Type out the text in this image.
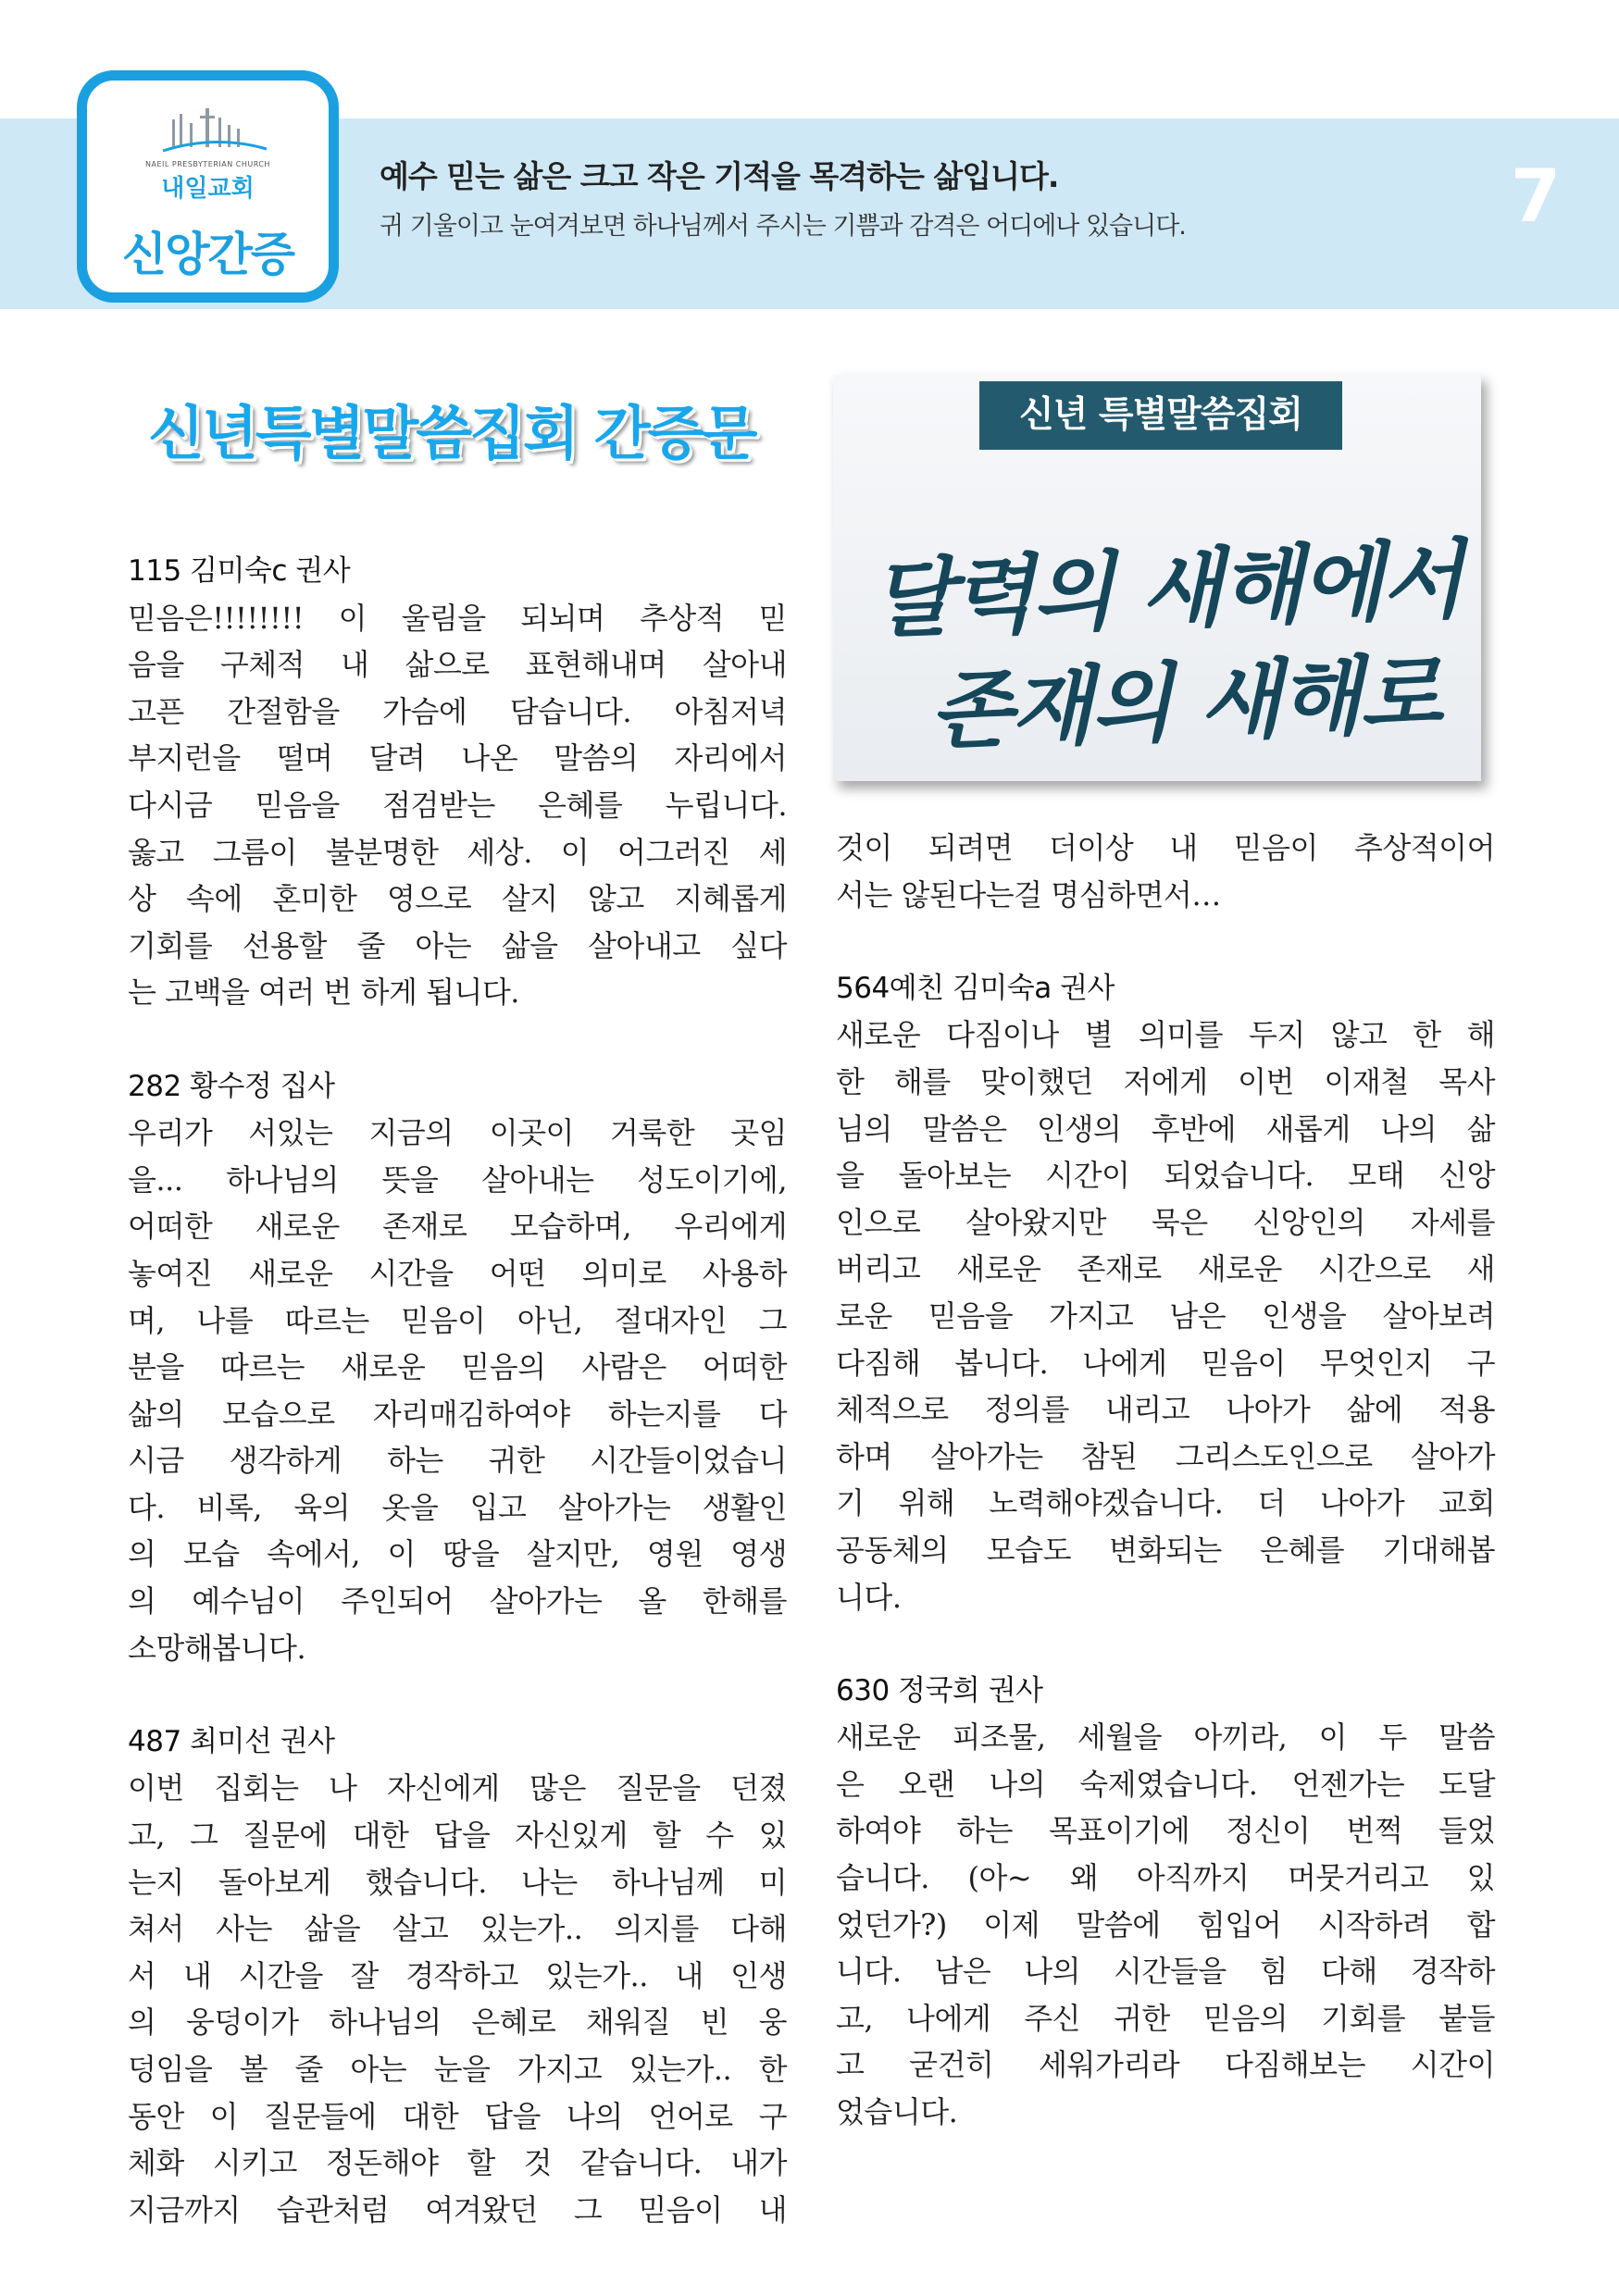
NAEIL PRESBYTERIAN CHURCH
내일교회
신앙간증
예수 믿는 삶은 크고 작은 기적을 목격하는 삶입니다.
귀 기울이고 눈여겨보면 하나님께서 주시는 기쁨과 감격은 어디에나 있습니다.	7
신년특별말씀집회 간증문	신년 특별말씀집회
달력의 새해에서
존재의 새해로
115 김미숙c 권사
믿음은!!!!!!!! 이 울림을 되뇌며 추상적 믿
음을 구체적 내 삶으로 표현해내며 살아내
고픈 간절함을 가슴에 담습니다. 아침저녁
부지런을 떨며 달려 나온 말씀의 자리에서
다시금 믿음을 점검받는 은혜를 누립니다.
옳고 그름이 불분명한 세상. 이 어그러진 세
상 속에 혼미한 영으로 살지 않고 지혜롭게
기회를 선용할 줄 아는 삶을 살아내고 싶다
는 고백을 여러 번 하게 됩니다.
282 황수정 집사
우리가 서있는 지금의 이곳이 거룩한 곳임
을... 하나님의 뜻을 살아내는 성도이기에,
어떠한 새로운 존재로 모습하며, 우리에게
놓여진 새로운 시간을 어떤 의미로 사용하
며, 나를 따르는 믿음이 아닌, 절대자인 그
분을 따르는 새로운 믿음의 사람은 어떠한
삶의 모습으로 자리매김하여야 하는지를 다
시금 생각하게 하는 귀한 시간들이었습니
다. 비록, 육의 옷을 입고 살아가는 생활인
의 모습 속에서, 이 땅을 살지만, 영원 영생
의 예수님이 주인되어 살아가는 올 한해를
소망해봅니다.
487 최미선 권사
이번 집회는 나 자신에게 많은 질문을 던졌
고, 그 질문에 대한 답을 자신있게 할 수 있
는지 돌아보게 했습니다. 나는 하나님께 미
쳐서 사는 삶을 살고 있는가.. 의지를 다해
서 내 시간을 잘 경작하고 있는가.. 내 인생
의 웅덩이가 하나님의 은혜로 채워질 빈 웅
덩임을 볼 줄 아는 눈을 가지고 있는가.. 한
동안 이 질문들에 대한 답을 나의 언어로 구
체화 시키고 정돈해야 할 것 같습니다. 내가
지금까지 습관처럼 여겨왔던 그 믿음이 내
것이 되려면 더이상 내 믿음이 추상적이어
서는 않된다는걸 명심하면서…
564예친 김미숙a 권사
새로운 다짐이나 별 의미를 두지 않고 한 해
한 해를 맞이했던 저에게 이번 이재철 목사
님의 말씀은 인생의 후반에 새롭게 나의 삶
을 돌아보는 시간이 되었습니다. 모태 신앙
인으로 살아왔지만 묵은 신앙인의 자세를
버리고 새로운 존재로 새로운 시간으로 새
로운 믿음을 가지고 남은 인생을 살아보려
다짐해 봅니다. 나에게 믿음이 무엇인지 구
체적으로 정의를 내리고 나아가 삶에 적용
하며 살아가는 참된 그리스도인으로 살아가
기 위해 노력해야겠습니다. 더 나아가 교회
공동체의 모습도 변화되는 은혜를 기대해봅
니다.
630 정국희 권사
새로운 피조물, 세월을 아끼라, 이 두 말씀
은 오랜 나의 숙제였습니다. 언젠가는 도달
하여야 하는 목표이기에 정신이 번쩍 들었
습니다. (아~ 왜 아직까지 머뭇거리고 있
었던가?) 이제 말씀에 힘입어 시작하려 합
니다. 남은 나의 시간들을 힘 다해 경작하
고, 나에게 주신 귀한 믿음의 기회를 붙들
고 굳건히 세워가리라 다짐해보는 시간이
었습니다.
